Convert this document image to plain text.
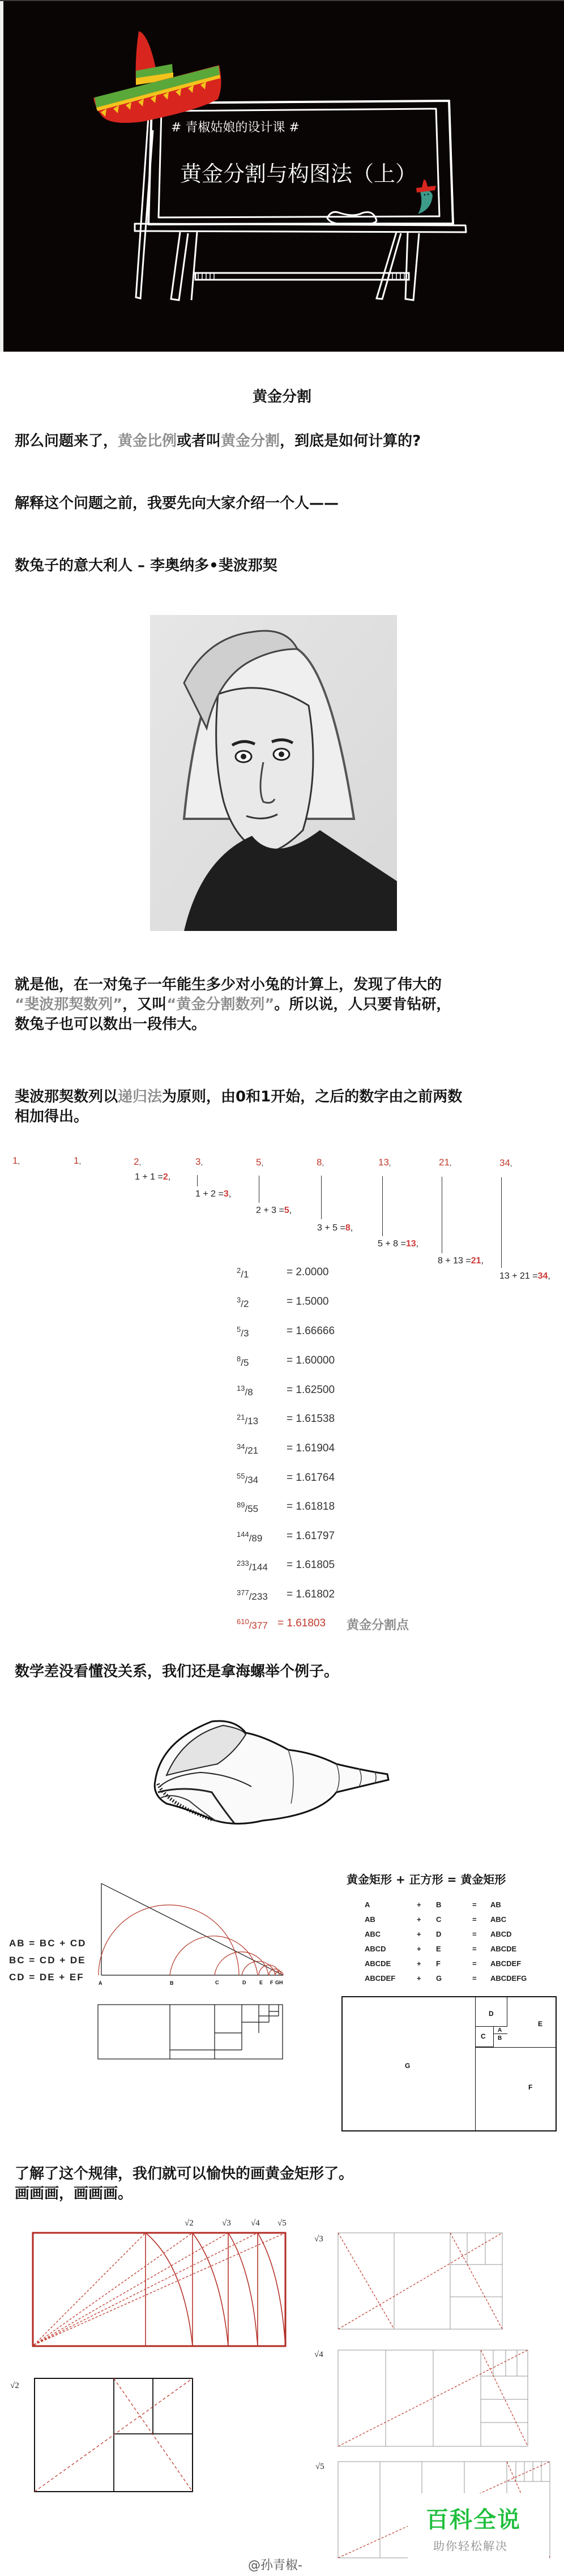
# 青椒姑娘的设计课 #
黄金分割与构图法（上）
黄金分割
那么问题来了，黄金比例或者叫黄金分割，到底是如何计算的?
解释这个问题之前，我要先向大家介绍一个人——
数兔子的意大利人 – 李奥纳多•斐波那契
就是他，在一对兔子一年能生多少对小兔的计算上，发现了伟大的
“斐波那契数列”，又叫“黄金分割数列”。所以说，人只要肯钻研，
数兔子也可以数出一段伟大。
斐波那契数列以递归法为原则，由0和1开始，之后的数字由之前两数
相加得出。
1,	1,	2,	3,	5,	8,	13,	21,	34,
1 + 1 =2,
1 + 2 =3,
2 + 3 =5,
3 + 5 =8,
5 + 8 =13,
8 + 13 =21,
13 + 21 =34,
$^2$/1	= 2.0000
$^3$/2	= 1.5000
$^5$/3	= 1.66666
$^8$/5	= 1.60000
$^{13}$/8	= 1.62500
$^{21}$/13	= 1.61538
$^{34}$/21	= 1.61904
$^{55}$/34	= 1.61764
$^{89}$/55	= 1.61818
$^{144}$/89 = 1.61797
$^{233}$/144 = 1.61805
$^{377}$/233 = 1.61802
$^{610}$/377 = 1.61803 黄金分割点
数学差没看懂没关系，我们还是拿海螺举个例子。
AB = BC + CD
BC = CD + DE
CD = DE + EF
A	B	C	D	E F G H
黄金矩形 + 正方形 = 黄金矩形
A	+ B	= AB
AB	+ C	= ABC
ABC	+ D	= ABCD
ABCD	+ E	= ABCDE
ABCDE	+ F	= ABCDEF
ABCDEF	+ G	= ABCDEFG
E
D
C
A
B
G
F
了解了这个规律，我们就可以愉快的画黄金矩形了。
画画画，画画画。
√2	√3 √4 √5
√3
√4
√2
√5
百科全说
助你轻松解决
@孙青椒-
